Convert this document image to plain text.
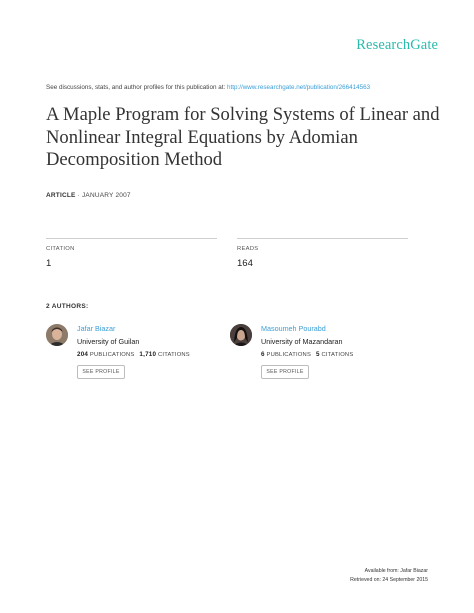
ResearchGate
See discussions, stats, and author profiles for this publication at: http://www.researchgate.net/publication/266414563
A Maple Program for Solving Systems of Linear and Nonlinear Integral Equations by Adomian Decomposition Method
ARTICLE · JANUARY 2007
CITATION
1
READS
164
2 AUTHORS:
Jafar Biazar
University of Guilan
204 PUBLICATIONS 1,710 CITATIONS
SEE PROFILE
Masoumeh Pourabd
University of Mazandaran
6 PUBLICATIONS 5 CITATIONS
SEE PROFILE
Available from: Jafar Biazar
Retrieved on: 24 September 2015
